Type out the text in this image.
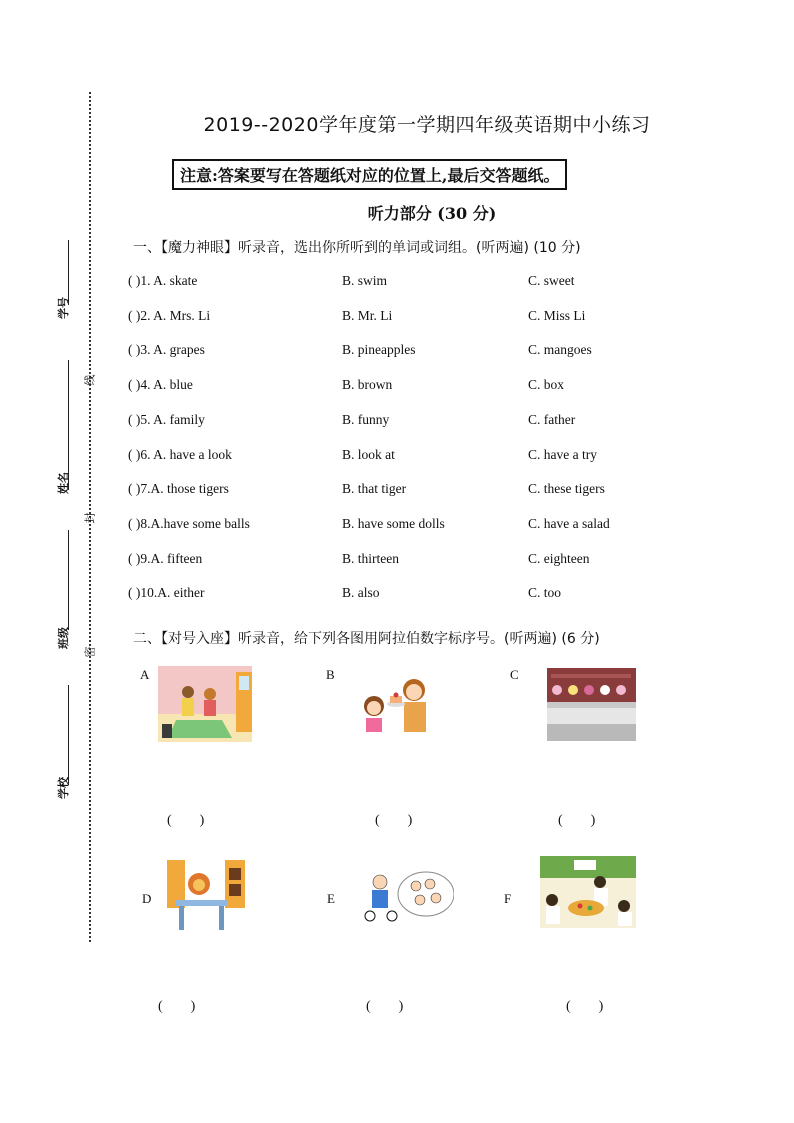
学号
姓名
班级
学校
线
封
密
2019--2020学年度第一学期四年级英语期中小练习
注意:答案要写在答题纸对应的位置上,最后交答题纸。
听力部分 (30 分)
一、【魔力神眼】听录音，选出你所听到的单词或词组。(听两遍) (10 分)
( )1. A. skate	B. swim	C. sweet
( )2. A. Mrs. Li	B. Mr. Li	C. Miss Li
( )3. A. grapes	B. pineapples	C. mangoes
( )4. A. blue	B. brown	C. box
( )5. A. family	B. funny	C. father
( )6. A. have a look	B. look at	C. have a try
( )7.A. those tigers	B. that tiger	C. these tigers
( )8.A.have some balls	B. have some dolls	C. have a salad
( )9.A. fifteen	B. thirteen	C. eighteen
( )10.A. either	B. also	C. too
二、【对号入座】听录音，给下列各图用阿拉伯数字标序号。(听两遍) (6 分)
A	B	C
D	E	F
(        )	(        )	(        )
(        )	(        )	(        )
